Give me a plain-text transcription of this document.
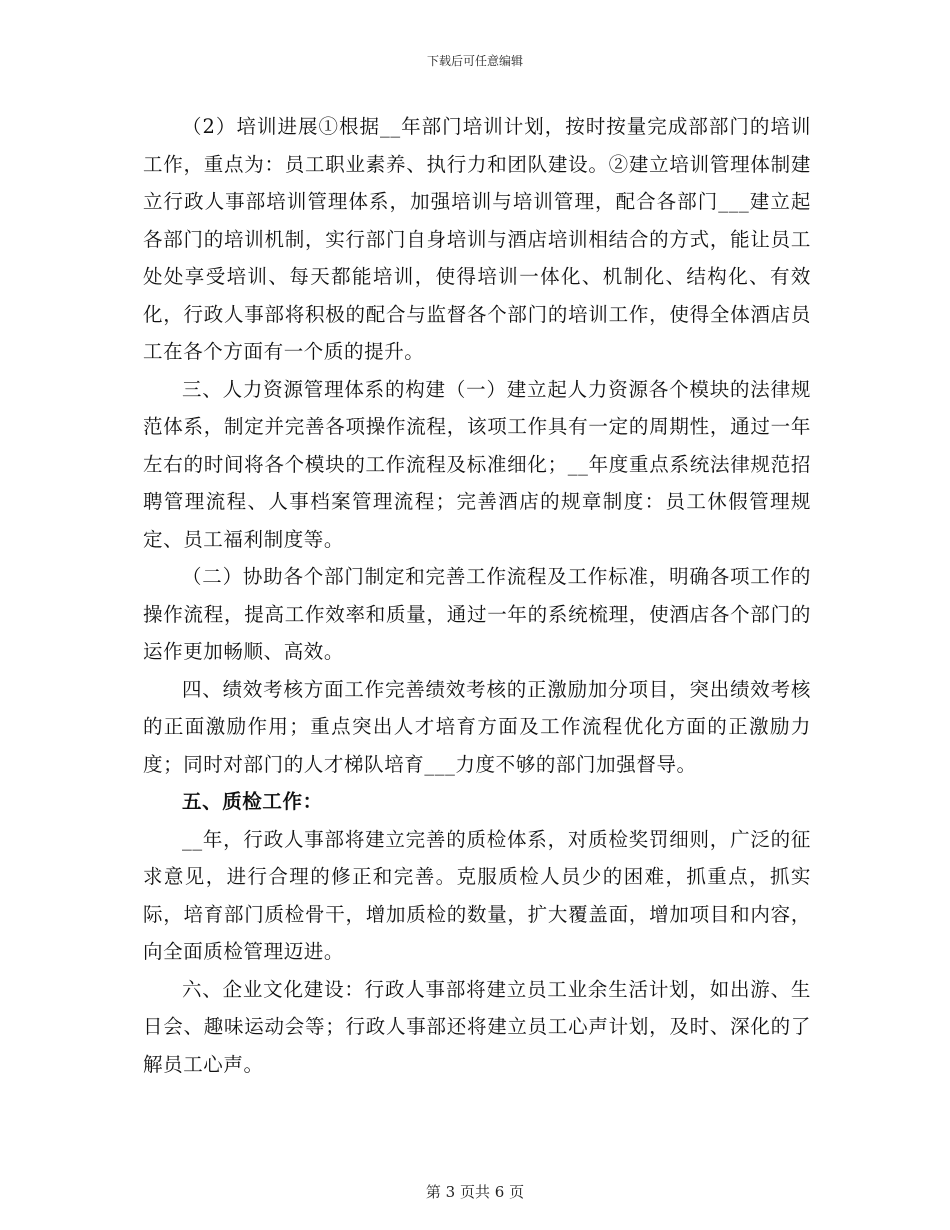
下载后可任意编辑

（2）培训进展①根据__年部门培训计划，按时按量完成部部门的培训工作，重点为：员工职业素养、执行力和团队建设。②建立培训管理体制建立行政人事部培训管理体系，加强培训与培训管理，配合各部门___建立起各部门的培训机制，实行部门自身培训与酒店培训相结合的方式，能让员工处处享受培训、每天都能培训，使得培训一体化、机制化、结构化、有效化，行政人事部将积极的配合与监督各个部门的培训工作，使得全体酒店员工在各个方面有一个质的提升。

三、人力资源管理体系的构建（一）建立起人力资源各个模块的法律规范体系，制定并完善各项操作流程，该项工作具有一定的周期性，通过一年左右的时间将各个模块的工作流程及标准细化；__年度重点系统法律规范招聘管理流程、人事档案管理流程；完善酒店的规章制度：员工休假管理规定、员工福利制度等。

（二）协助各个部门制定和完善工作流程及工作标准，明确各项工作的操作流程，提高工作效率和质量，通过一年的系统梳理，使酒店各个部门的运作更加畅顺、高效。

四、绩效考核方面工作完善绩效考核的正激励加分项目，突出绩效考核的正面激励作用；重点突出人才培育方面及工作流程优化方面的正激励力度；同时对部门的人才梯队培育___力度不够的部门加强督导。

五、质检工作：

__年，行政人事部将建立完善的质检体系，对质检奖罚细则，广泛的征求意见，进行合理的修正和完善。克服质检人员少的困难，抓重点，抓实际，培育部门质检骨干，增加质检的数量，扩大覆盖面，增加项目和内容，向全面质检管理迈进。

六、企业文化建设：行政人事部将建立员工业余生活计划，如出游、生日会、趣味运动会等；行政人事部还将建立员工心声计划，及时、深化的了解员工心声。

第 3 页共 6 页
